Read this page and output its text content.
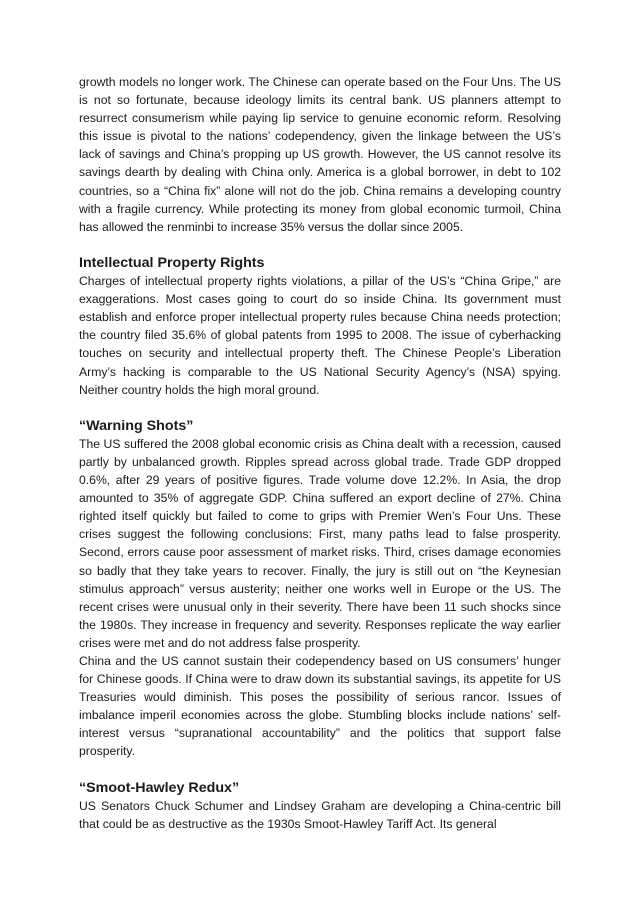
growth models no longer work. The Chinese can operate based on the Four Uns. The US is not so fortunate, because ideology limits its central bank. US planners attempt to resurrect consumerism while paying lip service to genuine economic reform. Resolving this issue is pivotal to the nations’ codependency, given the linkage between the US’s lack of savings and China’s propping up US growth. However, the US cannot resolve its savings dearth by dealing with China only. America is a global borrower, in debt to 102 countries, so a “China fix” alone will not do the job. China remains a developing country with a fragile currency. While protecting its money from global economic turmoil, China has allowed the renminbi to increase 35% versus the dollar since 2005.

Intellectual Property Rights

Charges of intellectual property rights violations, a pillar of the US’s “China Gripe,” are exaggerations. Most cases going to court do so inside China. Its government must establish and enforce proper intellectual property rules because China needs protection; the country filed 35.6% of global patents from 1995 to 2008. The issue of cyberhacking touches on security and intellectual property theft. The Chinese People’s Liberation Army’s hacking is comparable to the US National Security Agency’s (NSA) spying. Neither country holds the high moral ground.

“Warning Shots”

The US suffered the 2008 global economic crisis as China dealt with a recession, caused partly by unbalanced growth. Ripples spread across global trade. Trade GDP dropped 0.6%, after 29 years of positive figures. Trade volume dove 12.2%. In Asia, the drop amounted to 35% of aggregate GDP. China suffered an export decline of 27%. China righted itself quickly but failed to come to grips with Premier Wen’s Four Uns. These crises suggest the following conclusions: First, many paths lead to false prosperity. Second, errors cause poor assessment of market risks. Third, crises damage economies so badly that they take years to recover. Finally, the jury is still out on “the Keynesian stimulus approach” versus austerity; neither one works well in Europe or the US. The recent crises were unusual only in their severity. There have been 11 such shocks since the 1980s. They increase in frequency and severity. Responses replicate the way earlier crises were met and do not address false prosperity.

China and the US cannot sustain their codependency based on US consumers’ hunger for Chinese goods. If China were to draw down its substantial savings, its appetite for US Treasuries would diminish. This poses the possibility of serious rancor. Issues of imbalance imperil economies across the globe. Stumbling blocks include nations’ self-interest versus “supranational accountability” and the politics that support false prosperity.

“Smoot-Hawley Redux”

US Senators Chuck Schumer and Lindsey Graham are developing a China-centric bill that could be as destructive as the 1930s Smoot-Hawley Tariff Act. Its general
